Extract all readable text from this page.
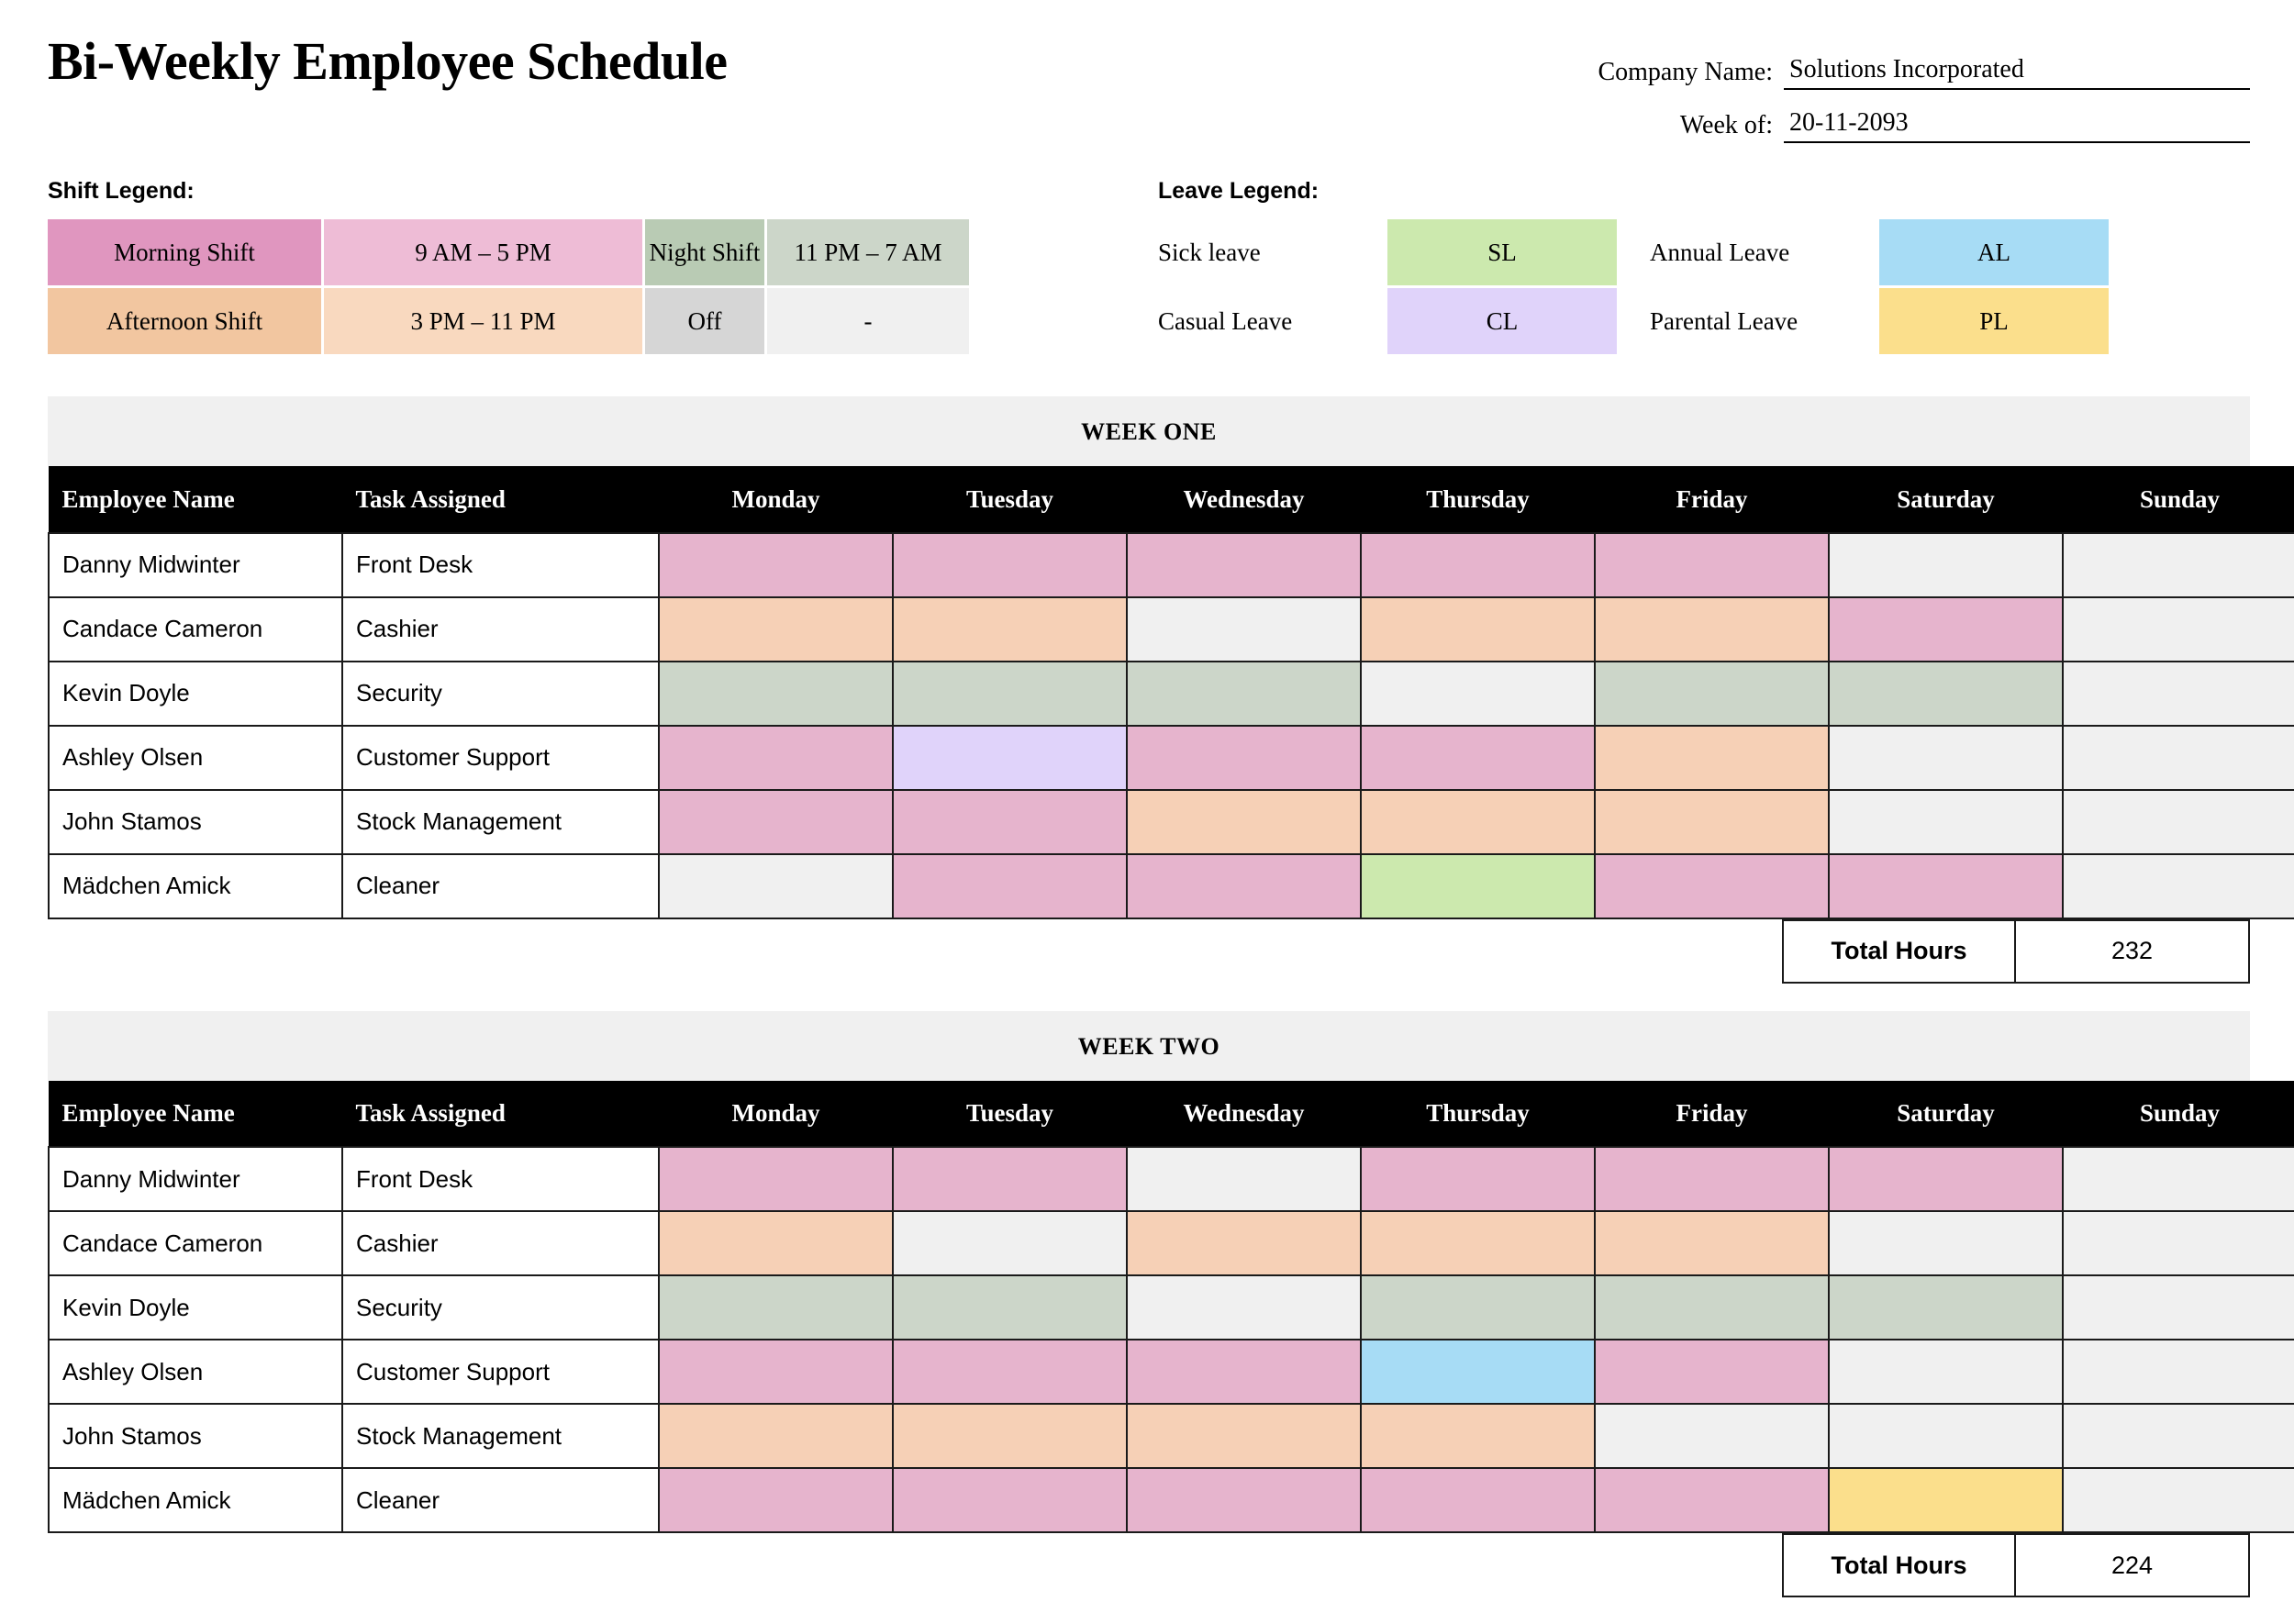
Bi-Weekly Employee Schedule	Company Name: Solutions Incorporated
Week of: 20-11-2093
Shift Legend:
Morning Shift	9 AM – 5 PM	Night Shift	11 PM – 7 AM
Afternoon Shift	3 PM – 11 PM	Off	-
Leave Legend:
Sick leave	SL	Annual Leave	AL
Casual Leave	CL	Parental Leave	PL
WEEK ONE
Employee Name	Task Assigned	Monday	Tuesday	Wednesday	Thursday	Friday	Saturday	Sunday
Danny Midwinter	Front Desk							
Candace Cameron	Cashier							
Kevin Doyle	Security							
Ashley Olsen	Customer Support							
John Stamos	Stock Management							
Mädchen Amick	Cleaner							
Total Hours	232
WEEK TWO
Employee Name	Task Assigned	Monday	Tuesday	Wednesday	Thursday	Friday	Saturday	Sunday
Danny Midwinter	Front Desk							
Candace Cameron	Cashier							
Kevin Doyle	Security							
Ashley Olsen	Customer Support							
John Stamos	Stock Management							
Mädchen Amick	Cleaner							
Total Hours	224
